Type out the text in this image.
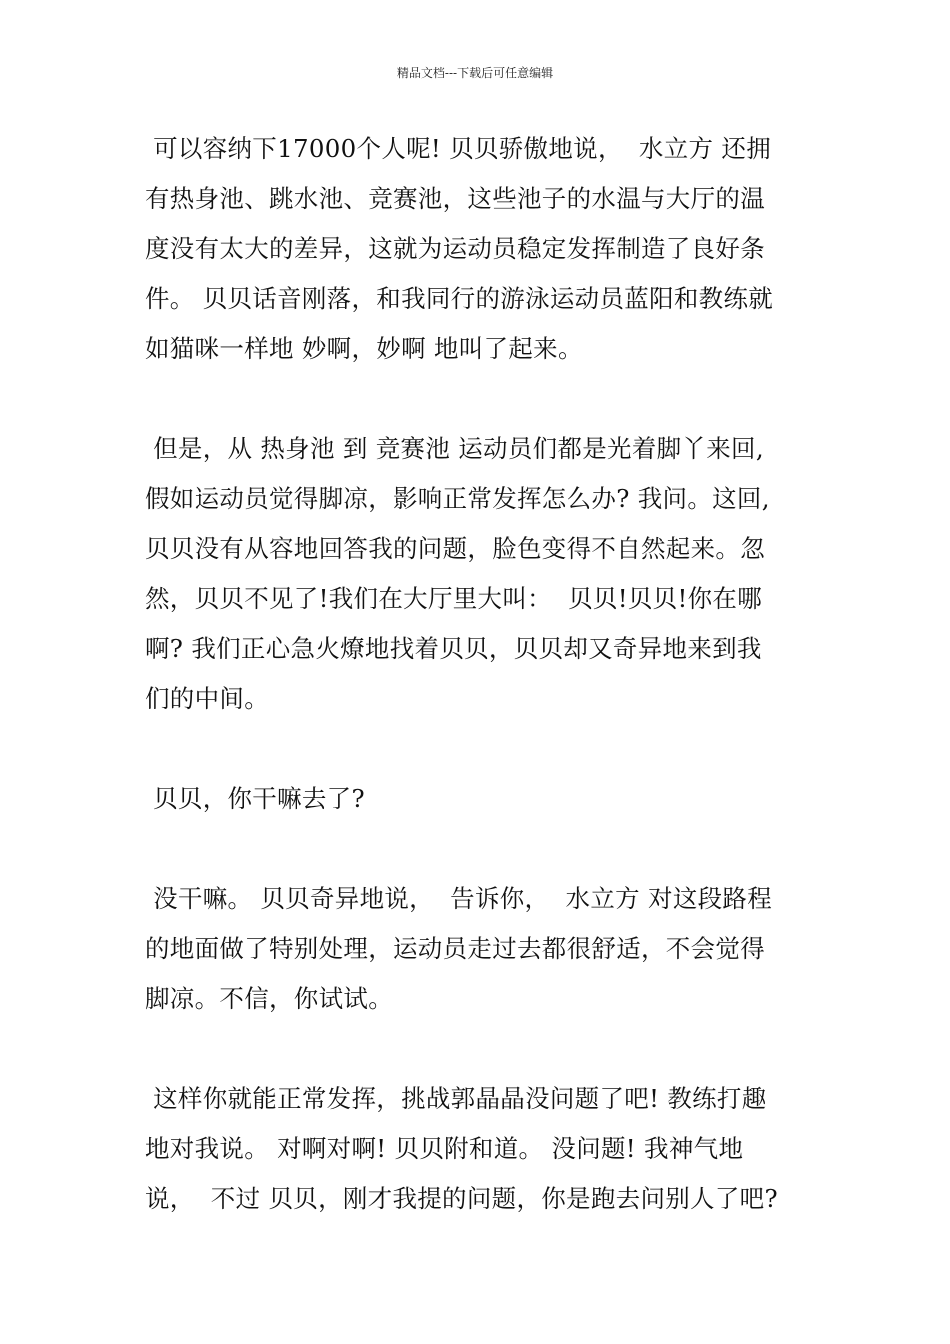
精品文档---下载后可任意编辑
可以容纳下17000个人呢! 贝贝骄傲地说，  水立方 还拥
有热身池、跳水池、竞赛池，这些池子的水温与大厅的温
度没有太大的差异，这就为运动员稳定发挥制造了良好条
件。 贝贝话音刚落，和我同行的游泳运动员蓝阳和教练就
如猫咪一样地 妙啊，妙啊 地叫了起来。
但是，从 热身池 到 竞赛池 运动员们都是光着脚丫来回,
假如运动员觉得脚凉，影响正常发挥怎么办? 我问。这回,
贝贝没有从容地回答我的问题，脸色变得不自然起来。忽
然，贝贝不见了!我们在大厅里大叫：  贝贝!贝贝!你在哪
啊? 我们正心急火燎地找着贝贝，贝贝却又奇异地来到我
们的中间。
贝贝，你干嘛去了?
没干嘛。 贝贝奇异地说，  告诉你，  水立方 对这段路程
的地面做了特别处理，运动员走过去都很舒适，不会觉得
脚凉。不信，你试试。
这样你就能正常发挥，挑战郭晶晶没问题了吧! 教练打趣
地对我说。 对啊对啊! 贝贝附和道。 没问题! 我神气地
说，  不过 贝贝，刚才我提的问题，你是跑去问别人了吧?
